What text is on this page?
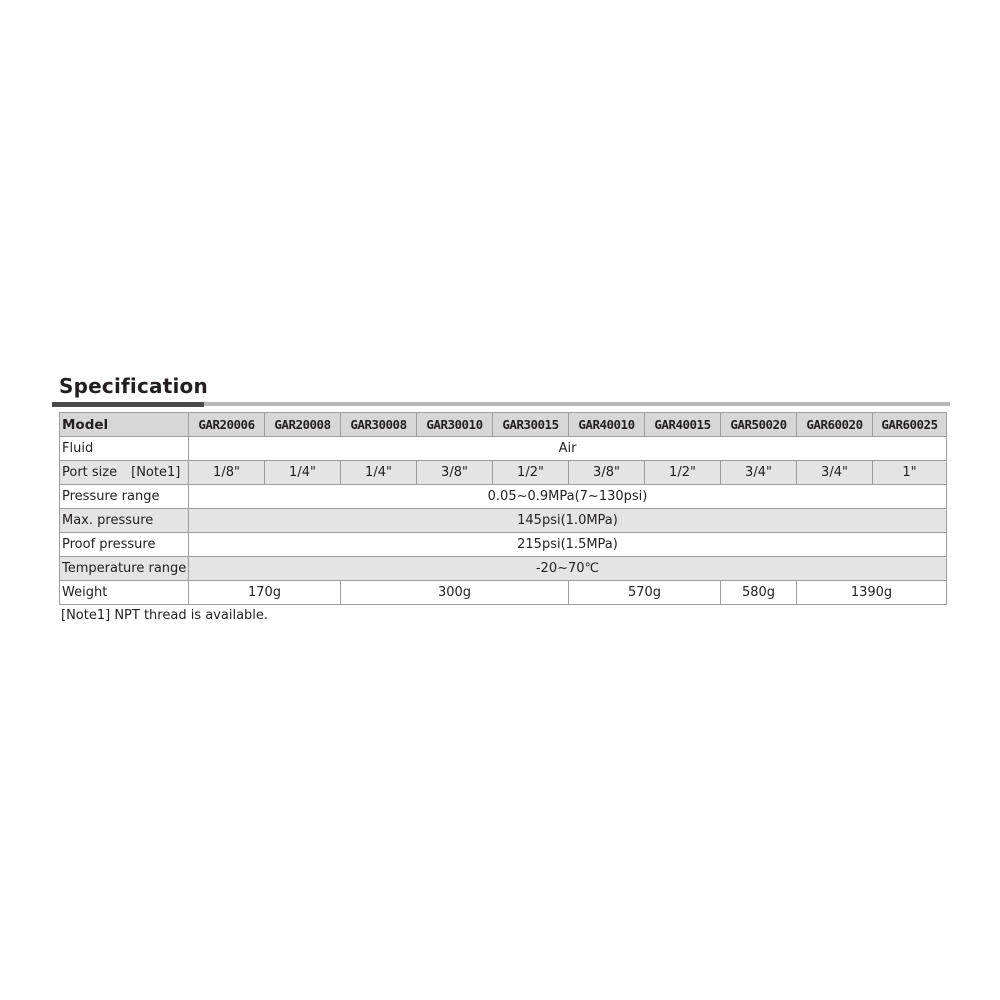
Specification
Model	GAR20006	GAR20008	GAR30008	GAR30010	GAR30015	GAR40010	GAR40015	GAR50020	GAR60020	GAR60025
Fluid	Air									
Port size [Note1]	1/8"	1/4"	1/4"	3/8"	1/2"	3/8"	1/2"	3/4"	3/4"	1"
Pressure range	0.05~0.9MPa(7~130psi)									
Max. pressure	145psi(1.0MPa)									
Proof pressure	215psi(1.5MPa)									
Temperature range	-20~70℃									
Weight	170g		300g			570g		580g	1390g	
[Note1] NPT thread is available.
